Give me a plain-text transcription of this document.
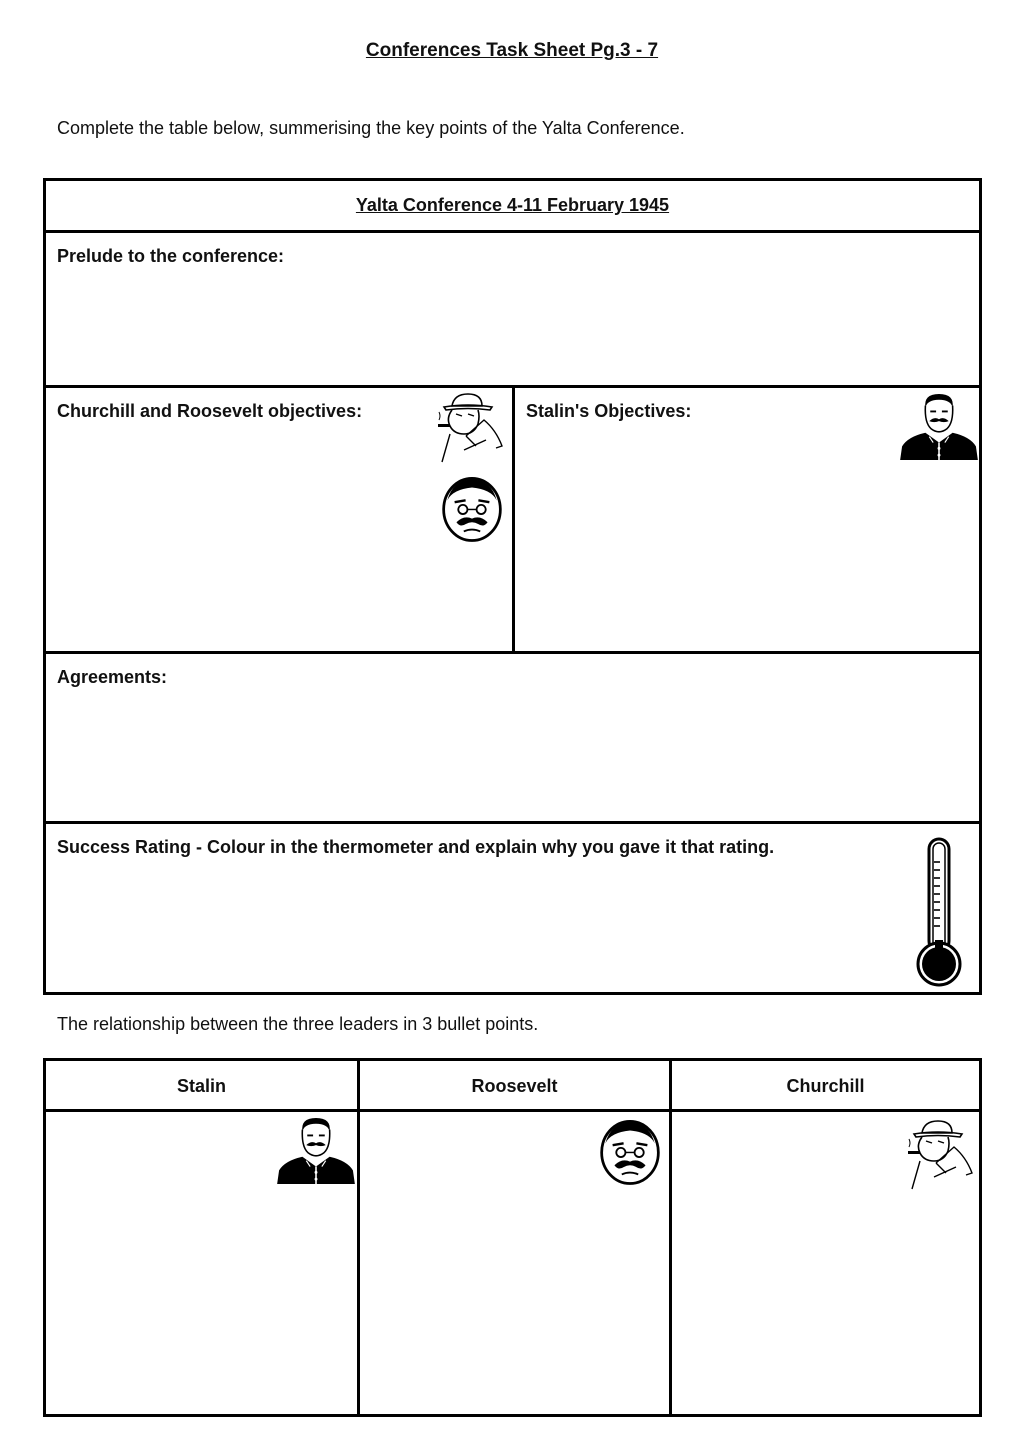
Conferences Task Sheet Pg.3 - 7
Complete the table below, summerising the key points of the Yalta Conference.
Yalta Conference 4-11 February 1945
Prelude to the conference:
Churchill and Roosevelt objectives:	Stalin's Objectives:
Agreements:
Success Rating - Colour in the thermometer and explain why you gave it that rating.
The relationship between the three leaders in 3 bullet points.
Stalin	Roosevelt	Churchill
